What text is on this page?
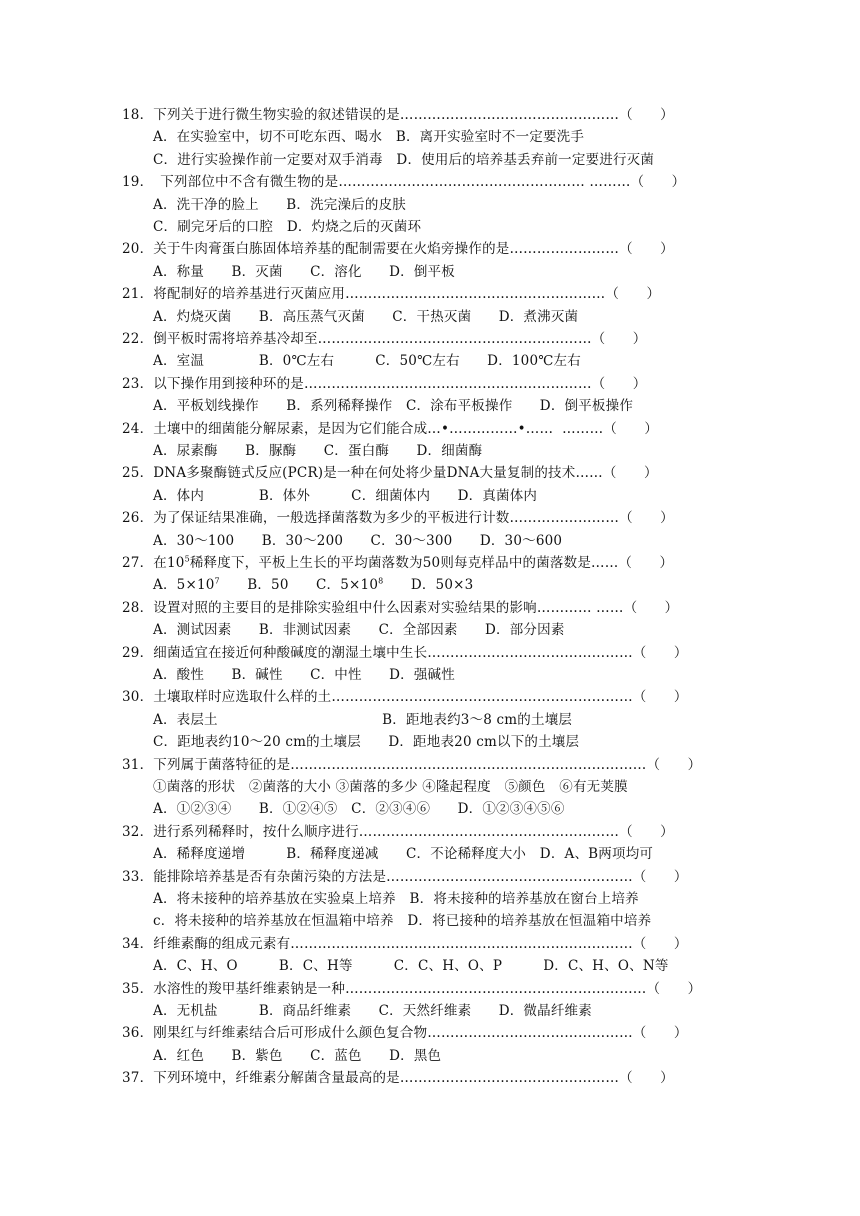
18．下列关于进行微生物实验的叙述错误的是…………………………………………（　　）
A．在实验室中，切不可吃东西、喝水　B．离开实验室时不一定要洗手
C．进行实验操作前一定要对双手消毒　D．使用后的培养基丢弃前一定要进行灭菌
19．　下列部位中不含有微生物的是……………………………………………… ………（　　）
A．洗干净的脸上　　B．洗完澡后的皮肤
C．刷完牙后的口腔　D．灼烧之后的灭菌环
20．关于牛肉膏蛋白胨固体培养基的配制需要在火焰旁操作的是……………………（　　）
A．称量　　B．灭菌　　C．溶化　　D．倒平板
21．将配制好的培养基进行灭菌应用…………………………………………………（　　）
A．灼烧灭菌　　B．高压蒸气灭菌　　C．干热灭菌　　D．煮沸灭菌
22．倒平板时需将培养基冷却至……………………………………………………（　　）
A．室温　　　　B．0℃左右　　　C．50℃左右　　D．100℃左右
23．以下操作用到接种环的是………………………………………………………（　　）
A．平板划线操作　　B．系列稀释操作　C．涂布平板操作　　D．倒平板操作
24．土壤中的细菌能分解尿素，是因为它们能合成…•……………•……  ………（　　）
A．尿素酶　　B．脲酶　　C．蛋白酶　　D．细菌酶
25．DNA多聚酶链式反应(PCR)是一种在何处将少量DNA大量复制的技术……（　　）
A．体内　　　　B．体外　　　C．细菌体内　　D．真菌体内
26．为了保证结果准确，一般选择菌落数为多少的平板进行计数……………………（　　）
A．30～100　　B．30～200　　C．30～300　　D．30～600
27．在$10^5$稀释度下，平板上生长的平均菌落数为50则每克样品中的菌落数是……（　　）
A．$5\times 10^7$　　B．50　　C．$5\times 10^8$　　D．50×3
28．设置对照的主要目的是排除实验组中什么因素对实验结果的影响………… ……（　　）
A．测试因素　　B．非测试因素　　C．全部因素　　D．部分因素
29．细菌适宜在接近何种酸碱度的潮湿土壤中生长………………………………………（　　）
A．酸性　　B．碱性　　C．中性　　D．强碱性
30．土壤取样时应选取什么样的土…………………………………………………………（　　）
A．表层土　　　　　　　　　　　　B．距地表约3～8 cm的土壤层
C．距地表约10～20 cm的土壤层　　D．距地表20 cm以下的土壤层
31．下列属于菌落特征的是……………………………………………………………………（　　）
①菌落的形状　②菌落的大小 ③菌落的多少 ④隆起程度　⑤颜色　⑥有无荚膜
A．①②③④　　B．①②④⑤　C．②③④⑥　　D．①②③④⑤⑥
32．进行系列稀释时，按什么顺序进行…………………………………………………（　　）
A．稀释度递增　　　B．稀释度递减　　C．不论稀释度大小　D．A、B两项均可
33．能排除培养基是否有杂菌污染的方法是………………………………………………（　　）
A．将未接种的培养基放在实验桌上培养　B．将未接种的培养基放在窗台上培养
c．将未接种的培养基放在恒温箱中培养　D．将已接种的培养基放在恒温箱中培养
34．纤维素酶的组成元素有…………………………………………………………………（　　）
A．C、H、O　　　B．C、H等　　　C．C、H、O、P　　　D．C、H、O、N等
35．水溶性的羧甲基纤维素钠是一种…………………………………………………………（　　）
A．无机盐　　　B．商品纤维素　　C．天然纤维素　　D．微晶纤维素
36．刚果红与纤维素结合后可形成什么颜色复合物………………………………………（　　）
A．红色　　B．紫色　　C．蓝色　　D．黑色
37．下列环境中，纤维素分解菌含量最高的是…………………………………………（　　）
